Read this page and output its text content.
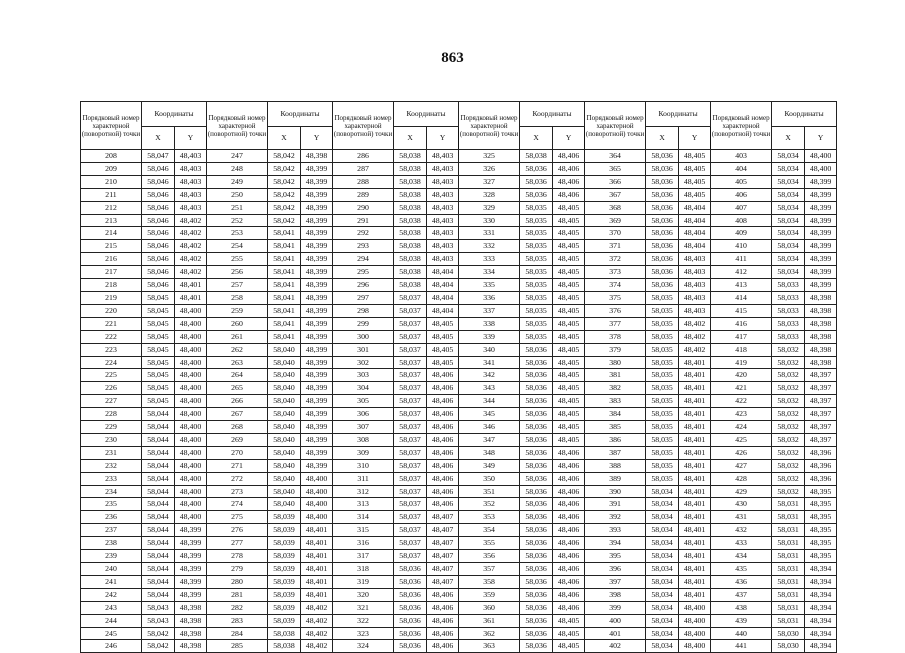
863
Порядковый номер характерной (поворотной) точки	Координаты		Порядковый номер характерной (поворотной) точки	Координаты		Порядковый номер характерной (поворотной) точки	Координаты		Порядковый номер характерной (поворотной) точки	Координаты		Порядковый номер характерной (поворотной) точки	Координаты		Порядковый номер характерной (поворотной) точки	Координаты	
	X	Y		X	Y		X	Y		X	Y		X	Y		X	Y
208	58,047	48,403	247	58,042	48,398	286	58,038	48,403	325	58,038	48,406	364	58,036	48,405	403	58,034	48,400
209	58,046	48,403	248	58,042	48,399	287	58,038	48,403	326	58,036	48,406	365	58,036	48,405	404	58,034	48,400
210	58,046	48,403	249	58,042	48,399	288	58,038	48,403	327	58,036	48,406	366	58,036	48,405	405	58,034	48,399
211	58,046	48,403	250	58,042	48,399	289	58,038	48,403	328	58,036	48,406	367	58,036	48,405	406	58,034	48,399
212	58,046	48,403	251	58,042	48,399	290	58,038	48,403	329	58,035	48,405	368	58,036	48,404	407	58,034	48,399
213	58,046	48,402	252	58,042	48,399	291	58,038	48,403	330	58,035	48,405	369	58,036	48,404	408	58,034	48,399
214	58,046	48,402	253	58,041	48,399	292	58,038	48,403	331	58,035	48,405	370	58,036	48,404	409	58,034	48,399
215	58,046	48,402	254	58,041	48,399	293	58,038	48,403	332	58,035	48,405	371	58,036	48,404	410	58,034	48,399
216	58,046	48,402	255	58,041	48,399	294	58,038	48,403	333	58,035	48,405	372	58,036	48,403	411	58,034	48,399
217	58,046	48,402	256	58,041	48,399	295	58,038	48,404	334	58,035	48,405	373	58,036	48,403	412	58,034	48,399
218	58,046	48,401	257	58,041	48,399	296	58,038	48,404	335	58,035	48,405	374	58,036	48,403	413	58,033	48,399
219	58,045	48,401	258	58,041	48,399	297	58,037	48,404	336	58,035	48,405	375	58,035	48,403	414	58,033	48,398
220	58,045	48,400	259	58,041	48,399	298	58,037	48,404	337	58,035	48,405	376	58,035	48,403	415	58,033	48,398
221	58,045	48,400	260	58,041	48,399	299	58,037	48,405	338	58,035	48,405	377	58,035	48,402	416	58,033	48,398
222	58,045	48,400	261	58,041	48,399	300	58,037	48,405	339	58,035	48,405	378	58,035	48,402	417	58,033	48,398
223	58,045	48,400	262	58,040	48,399	301	58,037	48,405	340	58,036	48,405	379	58,035	48,402	418	58,032	48,398
224	58,045	48,400	263	58,040	48,399	302	58,037	48,405	341	58,036	48,405	380	58,035	48,401	419	58,032	48,398
225	58,045	48,400	264	58,040	48,399	303	58,037	48,406	342	58,036	48,405	381	58,035	48,401	420	58,032	48,397
226	58,045	48,400	265	58,040	48,399	304	58,037	48,406	343	58,036	48,405	382	58,035	48,401	421	58,032	48,397
227	58,045	48,400	266	58,040	48,399	305	58,037	48,406	344	58,036	48,405	383	58,035	48,401	422	58,032	48,397
228	58,044	48,400	267	58,040	48,399	306	58,037	48,406	345	58,036	48,405	384	58,035	48,401	423	58,032	48,397
229	58,044	48,400	268	58,040	48,399	307	58,037	48,406	346	58,036	48,405	385	58,035	48,401	424	58,032	48,397
230	58,044	48,400	269	58,040	48,399	308	58,037	48,406	347	58,036	48,405	386	58,035	48,401	425	58,032	48,397
231	58,044	48,400	270	58,040	48,399	309	58,037	48,406	348	58,036	48,406	387	58,035	48,401	426	58,032	48,396
232	58,044	48,400	271	58,040	48,399	310	58,037	48,406	349	58,036	48,406	388	58,035	48,401	427	58,032	48,396
233	58,044	48,400	272	58,040	48,400	311	58,037	48,406	350	58,036	48,406	389	58,035	48,401	428	58,032	48,396
234	58,044	48,400	273	58,040	48,400	312	58,037	48,406	351	58,036	48,406	390	58,034	48,401	429	58,032	48,395
235	58,044	48,400	274	58,040	48,400	313	58,037	48,406	352	58,036	48,406	391	58,034	48,401	430	58,031	48,395
236	58,044	48,400	275	58,039	48,400	314	58,037	48,407	353	58,036	48,406	392	58,034	48,401	431	58,031	48,395
237	58,044	48,399	276	58,039	48,401	315	58,037	48,407	354	58,036	48,406	393	58,034	48,401	432	58,031	48,395
238	58,044	48,399	277	58,039	48,401	316	58,037	48,407	355	58,036	48,406	394	58,034	48,401	433	58,031	48,395
239	58,044	48,399	278	58,039	48,401	317	58,037	48,407	356	58,036	48,406	395	58,034	48,401	434	58,031	48,395
240	58,044	48,399	279	58,039	48,401	318	58,036	48,407	357	58,036	48,406	396	58,034	48,401	435	58,031	48,394
241	58,044	48,399	280	58,039	48,401	319	58,036	48,407	358	58,036	48,406	397	58,034	48,401	436	58,031	48,394
242	58,044	48,399	281	58,039	48,401	320	58,036	48,406	359	58,036	48,406	398	58,034	48,401	437	58,031	48,394
243	58,043	48,398	282	58,039	48,402	321	58,036	48,406	360	58,036	48,406	399	58,034	48,400	438	58,031	48,394
244	58,043	48,398	283	58,039	48,402	322	58,036	48,406	361	58,036	48,405	400	58,034	48,400	439	58,031	48,394
245	58,042	48,398	284	58,038	48,402	323	58,036	48,406	362	58,036	48,405	401	58,034	48,400	440	58,030	48,394
246	58,042	48,398	285	58,038	48,402	324	58,036	48,406	363	58,036	48,405	402	58,034	48,400	441	58,030	48,394
